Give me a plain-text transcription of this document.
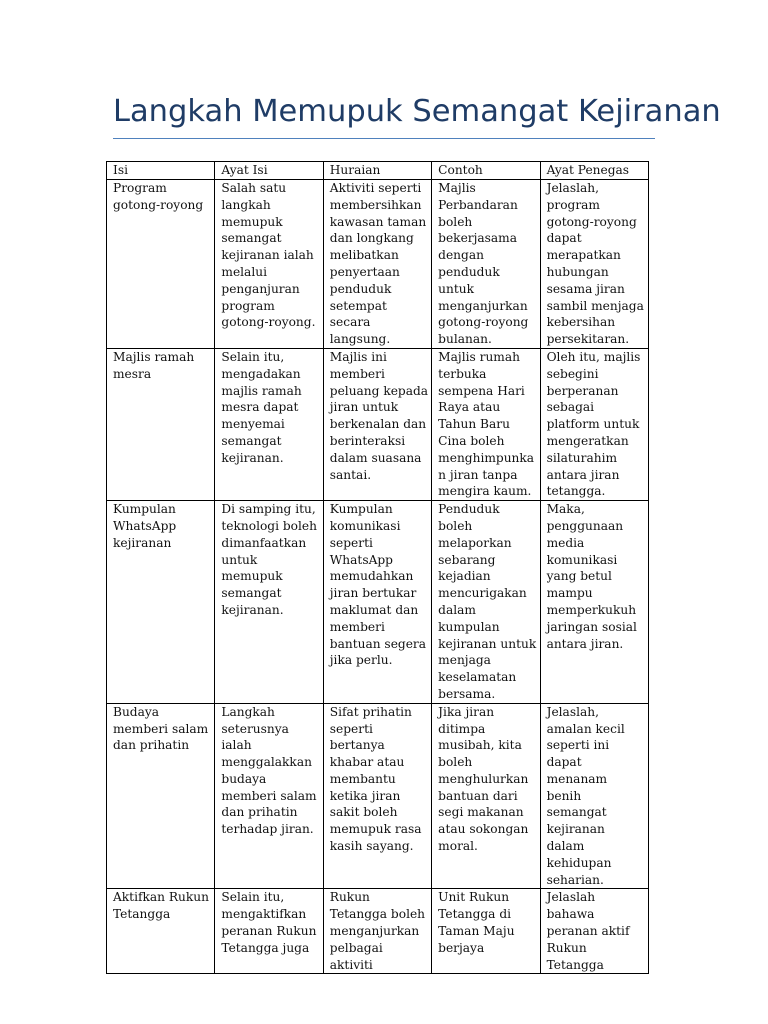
Langkah Memupuk Semangat Kejiranan
Isi	Ayat Isi	Huraian	Contoh	Ayat Penegas
Program gotong-royong	Salah satu langkah memupuk semangat kejiranan ialah melalui penganjuran program gotong-royong.	Aktiviti seperti membersihkan kawasan taman dan longkang melibatkan penyertaan penduduk setempat secara langsung.	Majlis Perbandaran boleh bekerjasama dengan penduduk untuk menganjurkan gotong-royong bulanan.	Jelaslah, program gotong-royong dapat merapatkan hubungan sesama jiran sambil menjaga kebersihan persekitaran.
Majlis ramah mesra	Selain itu, mengadakan majlis ramah mesra dapat menyemai semangat kejiranan.	Majlis ini memberi peluang kepada jiran untuk berkenalan dan berinteraksi dalam suasana santai.	Majlis rumah terbuka sempena Hari Raya atau Tahun Baru Cina boleh menghimpunkan jiran tanpa mengira kaum.	Oleh itu, majlis sebegini berperanan sebagai platform untuk mengeratkan silaturahim antara jiran tetangga.
Kumpulan WhatsApp kejiranan	Di samping itu, teknologi boleh dimanfaatkan untuk memupuk semangat kejiranan.	Kumpulan komunikasi seperti WhatsApp memudahkan jiran bertukar maklumat dan memberi bantuan segera jika perlu.	Penduduk boleh melaporkan sebarang kejadian mencurigakan dalam kumpulan kejiranan untuk menjaga keselamatan bersama.	Maka, penggunaan media komunikasi yang betul mampu memperkukuh jaringan sosial antara jiran.
Budaya memberi salam dan prihatin	Langkah seterusnya ialah menggalakkan budaya memberi salam dan prihatin terhadap jiran.	Sifat prihatin seperti bertanya khabar atau membantu ketika jiran sakit boleh memupuk rasa kasih sayang.	Jika jiran ditimpa musibah, kita boleh menghulurkan bantuan dari segi makanan atau sokongan moral.	Jelaslah, amalan kecil seperti ini dapat menanam benih semangat kejiranan dalam kehidupan seharian.
Aktifkan Rukun Tetangga	Selain itu, mengaktifkan peranan Rukun Tetangga juga	Rukun Tetangga boleh menganjurkan pelbagai aktiviti	Unit Rukun Tetangga di Taman Maju berjaya	Jelaslah bahawa peranan aktif Rukun Tetangga
